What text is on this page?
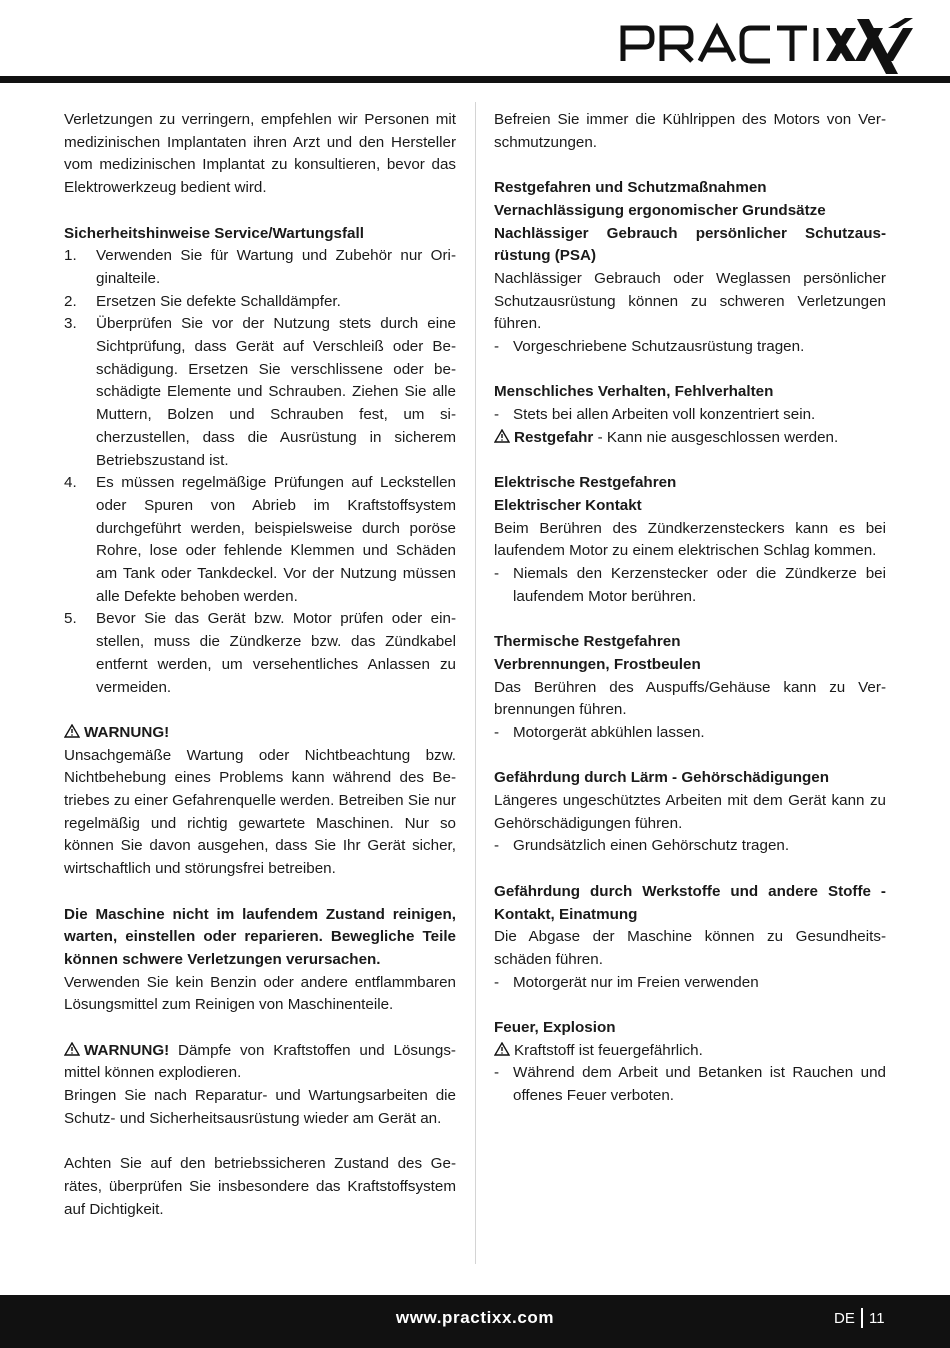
Verletzungen zu verringern, empfehlen wir Personen mit medizinischen Implantaten ihren Arzt und den Hersteller vom medizinischen Implantat zu konsultieren, bevor das Elektrowerkzeug bedient wird.

Sicherheitshinweise Service/Wartungsfall

1. Verwenden Sie für Wartung und Zubehör nur Originalteile.
2. Ersetzen Sie defekte Schalldämpfer.
3. Überprüfen Sie vor der Nutzung stets durch eine Sichtprüfung, dass Gerät auf Verschleiß oder Beschädigung. Ersetzen Sie verschlissene oder beschädigte Elemente und Schrauben. Ziehen Sie alle Muttern, Bolzen und Schrauben fest, um sicherzustellen, dass die Ausrüstung in sicherem Betriebszustand ist.
4. Es müssen regelmäßige Prüfungen auf Leckstellen oder Spuren von Abrieb im Kraftstoffsystem durchgeführt werden, beispielsweise durch poröse Rohre, lose oder fehlende Klemmen und Schäden am Tank oder Tankdeckel. Vor der Nutzung müssen alle Defekte behoben werden.
5. Bevor Sie das Gerät bzw. Motor prüfen oder einstellen, muss die Zündkerze bzw. das Zündkabel entfernt werden, um versehentliches Anlassen zu vermeiden.

WARNUNG!

Unsachgemäße Wartung oder Nichtbeachtung bzw. Nichtbehebung eines Problems kann während des Betriebes zu einer Gefahrenquelle werden. Betreiben Sie nur regelmäßig und richtig gewartete Maschinen. Nur so können Sie davon ausgehen, dass Sie Ihr Gerät sicher, wirtschaftlich und störungsfrei betreiben.

Die Maschine nicht im laufendem Zustand reinigen, warten, einstellen oder reparieren. Bewegliche Teile können schwere Verletzungen verursachen.

Verwenden Sie kein Benzin oder andere entflammbaren Lösungsmittel zum Reinigen von Maschinenteile.

WARNUNG! Dämpfe von Kraftstoffen und Lösungsmittel können explodieren.

Bringen Sie nach Reparatur- und Wartungsarbeiten die Schutz- und Sicherheitsausrüstung wieder am Gerät an.

Achten Sie auf den betriebssicheren Zustand des Gerätes, überprüfen Sie insbesondere das Kraftstoffsystem auf Dichtigkeit.

Befreien Sie immer die Kühlrippen des Motors von Verschmutzungen.

Restgefahren und Schutzmaßnahmen

Vernachlässigung ergonomischer Grundsätze

Nachlässiger Gebrauch persönlicher Schutzausrüstung (PSA)

Nachlässiger Gebrauch oder Weglassen persönlicher Schutzausrüstung können zu schweren Verletzungen führen.

- Vorgeschriebene Schutzausrüstung tragen.

Menschliches Verhalten, Fehlverhalten

- Stets bei allen Arbeiten voll konzentriert sein.

Restgefahr - Kann nie ausgeschlossen werden.

Elektrische Restgefahren

Elektrischer Kontakt

Beim Berühren des Zündkerzensteckers kann es bei laufendem Motor zu einem elektrischen Schlag kommen.

- Niemals den Kerzenstecker oder die Zündkerze bei laufendem Motor berühren.

Thermische Restgefahren

Verbrennungen, Frostbeulen

Das Berühren des Auspuffs/Gehäuse kann zu Verbrennungen führen.

- Motorgerät abkühlen lassen.

Gefährdung durch Lärm - Gehörschädigungen

Längeres ungeschütztes Arbeiten mit dem Gerät kann zu Gehörschädigungen führen.

- Grundsätzlich einen Gehörschutz tragen.

Gefährdung durch Werkstoffe und andere Stoffe - Kontakt, Einatmung

Die Abgase der Maschine können zu Gesundheitsschäden führen.

- Motorgerät nur im Freien verwenden

Feuer, Explosion

Kraftstoff ist feuergefährlich.

- Während dem Arbeit und Betanken ist Rauchen und offenes Feuer verboten.

www.practixx.com	DE 11
